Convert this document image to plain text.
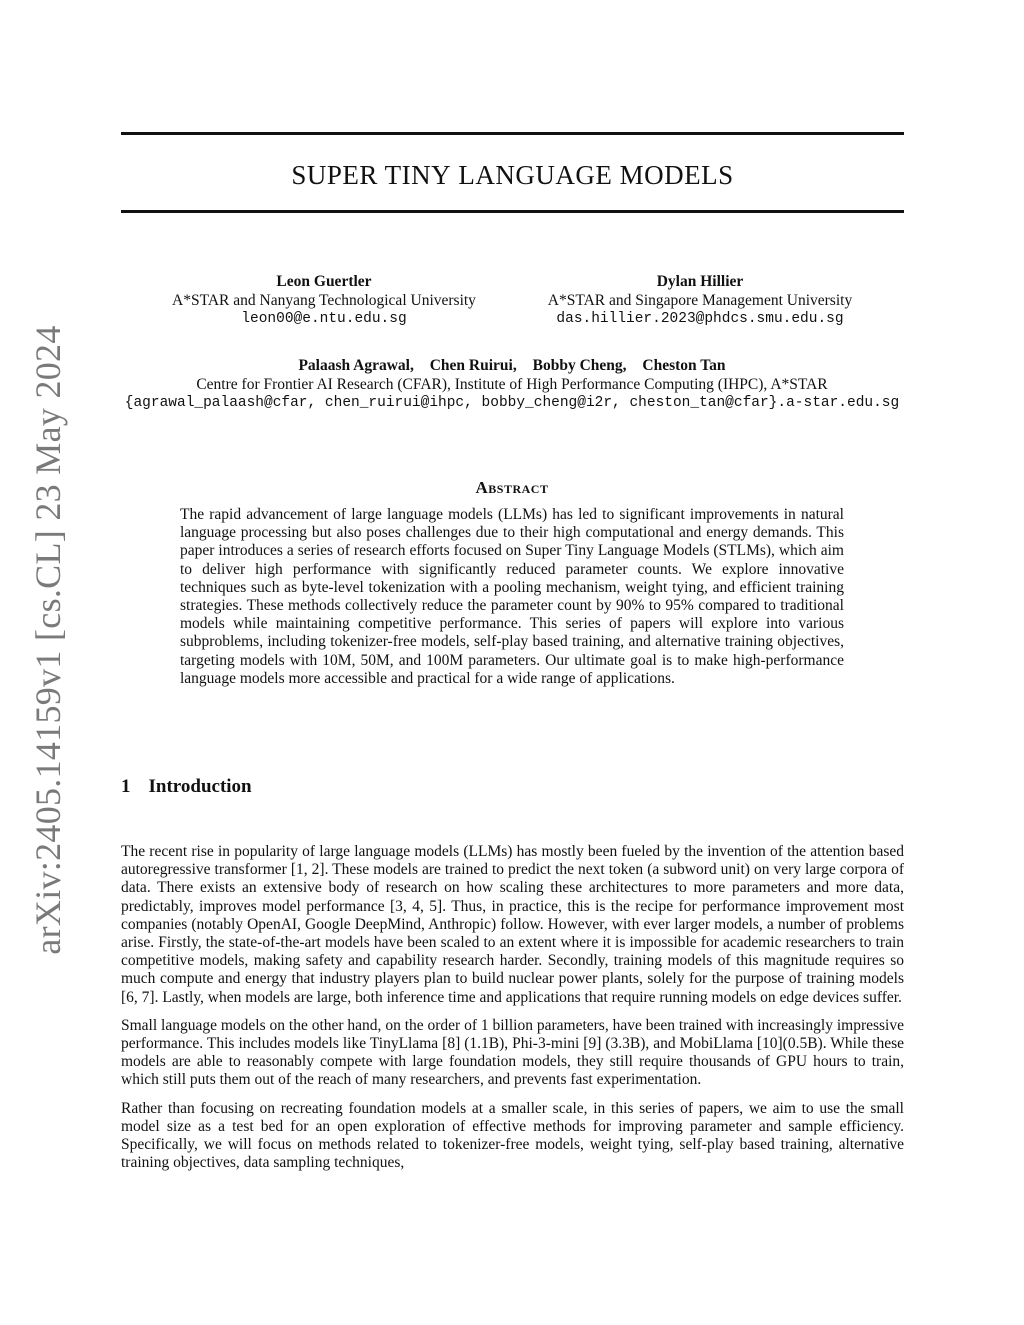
arXiv:2405.14159v1 [cs.CL] 23 May 2024
SUPER TINY LANGUAGE MODELS
Leon Guertler
A*STAR and Nanyang Technological University
leon00@e.ntu.edu.sg
Dylan Hillier
A*STAR and Singapore Management University
das.hillier.2023@phdcs.smu.edu.sg
Palaash Agrawal, Chen Ruirui, Bobby Cheng, Cheston Tan
Centre for Frontier AI Research (CFAR), Institute of High Performance Computing (IHPC), A*STAR
{agrawal_palaash@cfar, chen_ruirui@ihpc, bobby_cheng@i2r, cheston_tan@cfar}.a-star.edu.sg
Abstract
The rapid advancement of large language models (LLMs) has led to significant improvements in natural language processing but also poses challenges due to their high computational and energy demands. This paper introduces a series of research efforts focused on Super Tiny Language Models (STLMs), which aim to deliver high performance with significantly reduced parameter counts. We explore innovative techniques such as byte-level tokenization with a pooling mechanism, weight tying, and efficient training strategies. These methods collectively reduce the parameter count by 90% to 95% compared to traditional models while maintaining competitive performance. This series of papers will explore into various subproblems, including tokenizer-free models, self-play based training, and alternative training objectives, targeting models with 10M, 50M, and 100M parameters. Our ultimate goal is to make high-performance language models more accessible and practical for a wide range of applications.
1 Introduction

The recent rise in popularity of large language models (LLMs) has mostly been fueled by the invention of the attention based autoregressive transformer [1, 2]. These models are trained to predict the next token (a subword unit) on very large corpora of data. There exists an extensive body of research on how scaling these architectures to more parameters and more data, predictably, improves model performance [3, 4, 5]. Thus, in practice, this is the recipe for performance improvement most companies (notably OpenAI, Google DeepMind, Anthropic) follow. However, with ever larger models, a number of problems arise. Firstly, the state-of-the-art models have been scaled to an extent where it is impossible for academic researchers to train competitive models, making safety and capability research harder. Secondly, training models of this magnitude requires so much compute and energy that industry players plan to build nuclear power plants, solely for the purpose of training models [6, 7]. Lastly, when models are large, both inference time and applications that require running models on edge devices suffer.

Small language models on the other hand, on the order of 1 billion parameters, have been trained with increasingly impressive performance. This includes models like TinyLlama [8] (1.1B), Phi-3-mini [9] (3.3B), and MobiLlama [10](0.5B). While these models are able to reasonably compete with large foundation models, they still require thousands of GPU hours to train, which still puts them out of the reach of many researchers, and prevents fast experimentation.

Rather than focusing on recreating foundation models at a smaller scale, in this series of papers, we aim to use the small model size as a test bed for an open exploration of effective methods for improving parameter and sample efficiency. Specifically, we will focus on methods related to tokenizer-free models, weight tying, self-play based training, alternative training objectives, data sampling techniques,
